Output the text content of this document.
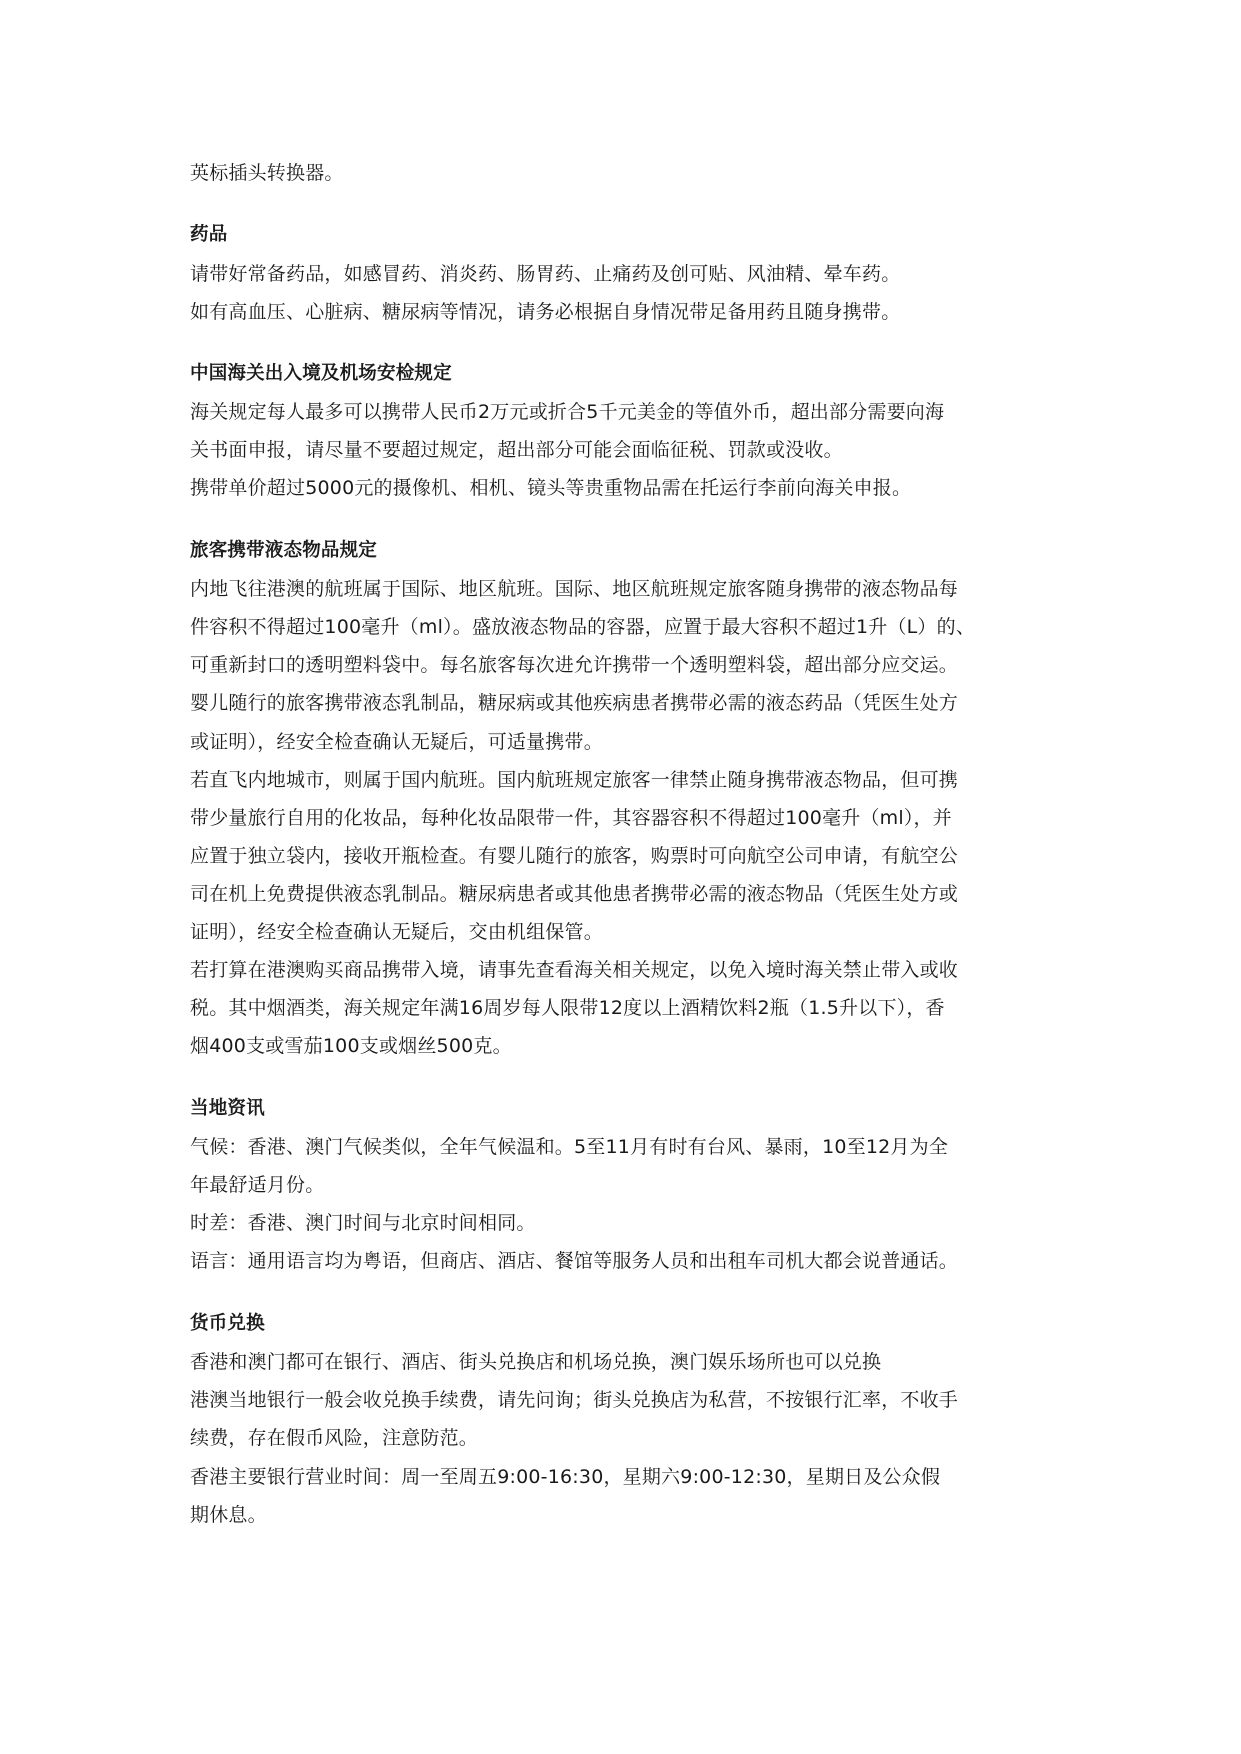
英标插头转换器。
药品
请带好常备药品，如感冒药、消炎药、肠胃药、止痛药及创可贴、风油精、晕车药。
如有高血压、心脏病、糖尿病等情况，请务必根据自身情况带足备用药且随身携带。
中国海关出入境及机场安检规定
海关规定每人最多可以携带人民币2万元或折合5千元美金的等值外币，超出部分需要向海
关书面申报，请尽量不要超过规定，超出部分可能会面临征税、罚款或没收。
携带单价超过5000元的摄像机、相机、镜头等贵重物品需在托运行李前向海关申报。
旅客携带液态物品规定
内地飞往港澳的航班属于国际、地区航班。国际、地区航班规定旅客随身携带的液态物品每
件容积不得超过100毫升（ml）。盛放液态物品的容器，应置于最大容积不超过1升（L）的、
可重新封口的透明塑料袋中。每名旅客每次进允许携带一个透明塑料袋，超出部分应交运。
婴儿随行的旅客携带液态乳制品，糖尿病或其他疾病患者携带必需的液态药品（凭医生处方
或证明），经安全检查确认无疑后，可适量携带。
若直飞内地城市，则属于国内航班。国内航班规定旅客一律禁止随身携带液态物品，但可携
带少量旅行自用的化妆品，每种化妆品限带一件，其容器容积不得超过100毫升（ml），并
应置于独立袋内，接收开瓶检查。有婴儿随行的旅客，购票时可向航空公司申请，有航空公
司在机上免费提供液态乳制品。糖尿病患者或其他患者携带必需的液态物品（凭医生处方或
证明），经安全检查确认无疑后，交由机组保管。
若打算在港澳购买商品携带入境，请事先查看海关相关规定，以免入境时海关禁止带入或收
税。其中烟酒类，海关规定年满16周岁每人限带12度以上酒精饮料2瓶（1.5升以下），香
烟400支或雪茄100支或烟丝500克。
当地资讯
气候：香港、澳门气候类似，全年气候温和。5至11月有时有台风、暴雨，10至12月为全
年最舒适月份。
时差：香港、澳门时间与北京时间相同。
语言：通用语言均为粤语，但商店、酒店、餐馆等服务人员和出租车司机大都会说普通话。
货币兑换
香港和澳门都可在银行、酒店、街头兑换店和机场兑换，澳门娱乐场所也可以兑换
港澳当地银行一般会收兑换手续费，请先问询；街头兑换店为私营，不按银行汇率，不收手
续费，存在假币风险，注意防范。
香港主要银行营业时间：周一至周五9:00-16:30，星期六9:00-12:30，星期日及公众假
期休息。
